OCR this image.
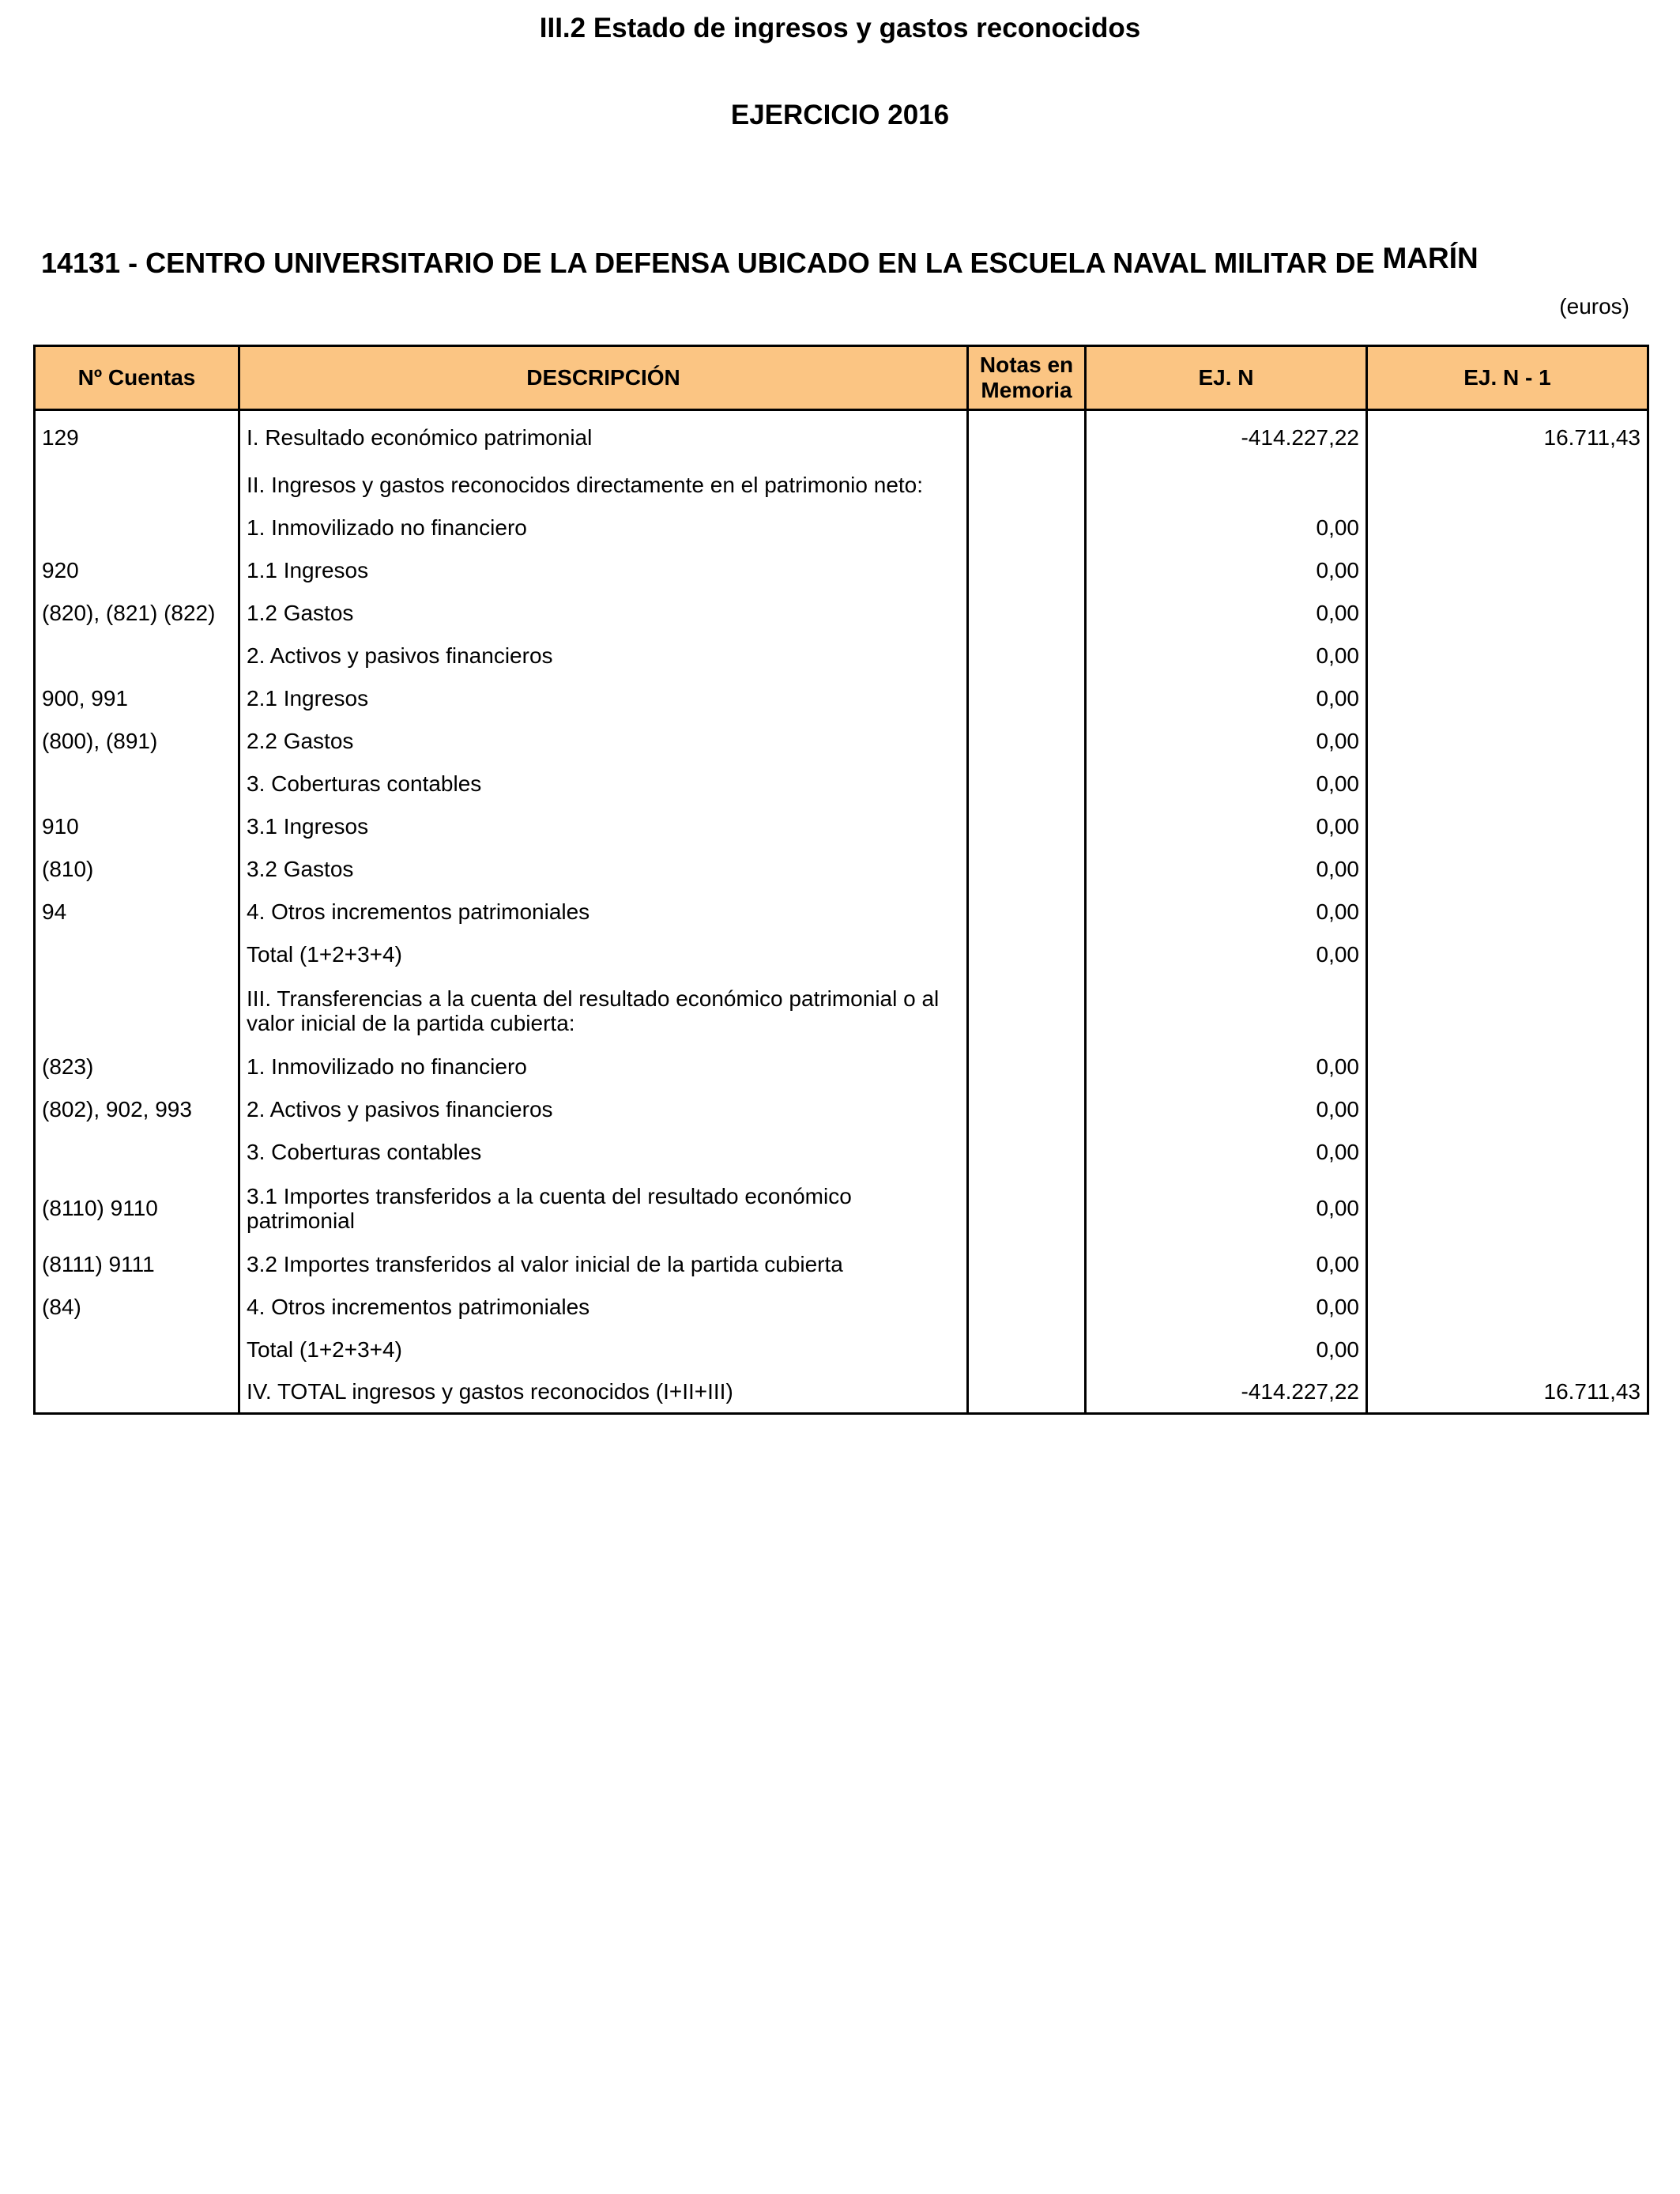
III.2 Estado de ingresos y gastos reconocidos
EJERCICIO 2016
14131 - CENTRO UNIVERSITARIO DE LA DEFENSA UBICADO EN LA ESCUELA NAVAL MILITAR DE MARÍN
(euros)
Nº Cuentas	DESCRIPCIÓN	Notas en Memoria	EJ. N	EJ. N - 1
129	I. Resultado económico patrimonial		-414.227,22	16.711,43
	II. Ingresos y gastos reconocidos directamente en el patrimonio neto:			
	1. Inmovilizado no financiero		0,00	
920	1.1 Ingresos		0,00	
(820), (821) (822)	1.2 Gastos		0,00	
	2. Activos y pasivos financieros		0,00	
900, 991	2.1 Ingresos		0,00	
(800), (891)	2.2 Gastos		0,00	
	3. Coberturas contables		0,00	
910	3.1 Ingresos		0,00	
(810)	3.2 Gastos		0,00	
94	4. Otros incrementos patrimoniales		0,00	
	Total (1+2+3+4)		0,00	
	III. Transferencias a la cuenta del resultado económico patrimonial o al valor inicial de la partida cubierta:			
(823)	1. Inmovilizado no financiero		0,00	
(802), 902, 993	2. Activos y pasivos financieros		0,00	
	3. Coberturas contables		0,00	
(8110) 9110	3.1 Importes transferidos a la cuenta del resultado económico patrimonial		0,00	
(8111) 9111	3.2 Importes transferidos al valor inicial de la partida cubierta		0,00	
(84)	4. Otros incrementos patrimoniales		0,00	
	Total (1+2+3+4)		0,00	
	IV. TOTAL ingresos y gastos reconocidos (I+II+III)		-414.227,22	16.711,43
